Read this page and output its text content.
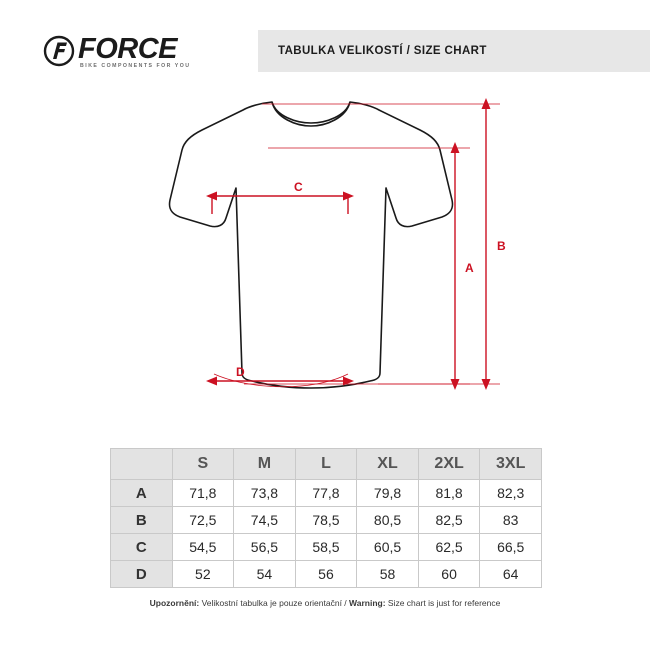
FORCE
BIKE COMPONENTS FOR YOU
TABULKA VELIKOSTÍ / SIZE CHART
B
A
C
D
	S	M	L	XL	2XL	3XL
A	71,8	73,8	77,8	79,8	81,8	82,3
B	72,5	74,5	78,5	80,5	82,5	83
C	54,5	56,5	58,5	60,5	62,5	66,5
D	52	54	56	58	60	64
Upozornění: Velikostní tabulka je pouze orientační / Warning: Size chart is just for reference
